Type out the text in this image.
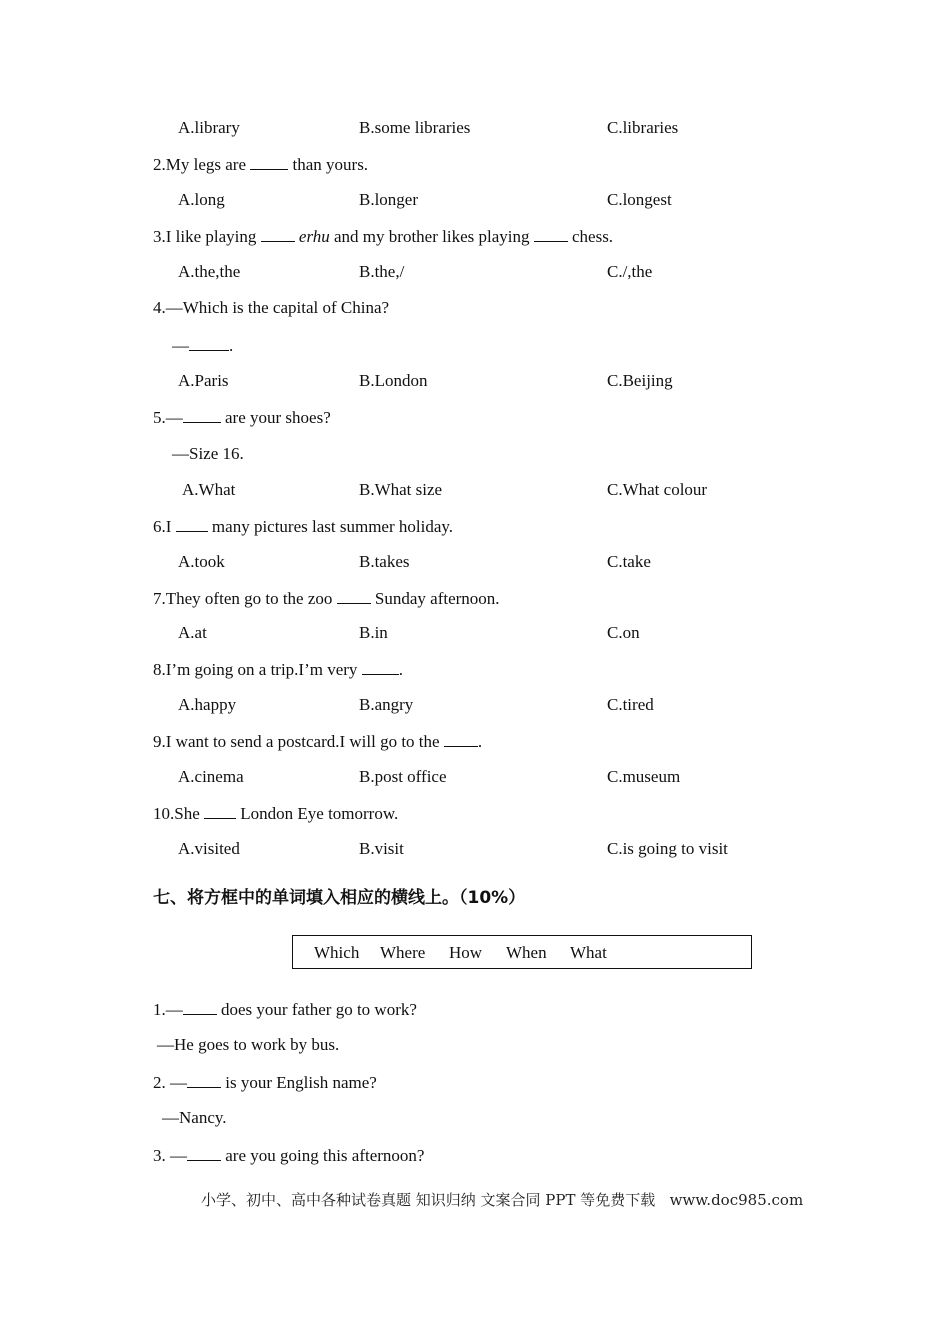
A.library	B.some libraries	C.libraries
2.My legs are  than yours.
A.long	B.longer	C.longest
3.I like playing  erhu and my brother likes playing  chess.
A.the,the	B.the,/	C./,the
4.—Which is the capital of China?
— .
A.Paris	B.London	C.Beijing
5.— are your shoes?
—Size 16.
A.What	B.What size	C.What colour
6.I  many pictures last summer holiday.
A.took	B.takes	C.take
7.They often go to the zoo  Sunday afternoon.
A.at	B.in	C.on
8.I’m going on a trip.I’m very .
A.happy	B.angry	C.tired
9.I want to send a postcard.I will go to the .
A.cinema	B.post office	C.museum
10.She  London Eye tomorrow.
A.visited	B.visit	C.is going to visit
七、将方框中的单词填入相应的横线上。（10%）
Which Where How When What
1.— does your father go to work?
—He goes to work by bus.
2. — is your English name?
—Nancy.
3. — are you going this afternoon?
小学、初中、高中各种试卷真题 知识归纳 文案合同 PPT 等免费下载   www.doc985.com
